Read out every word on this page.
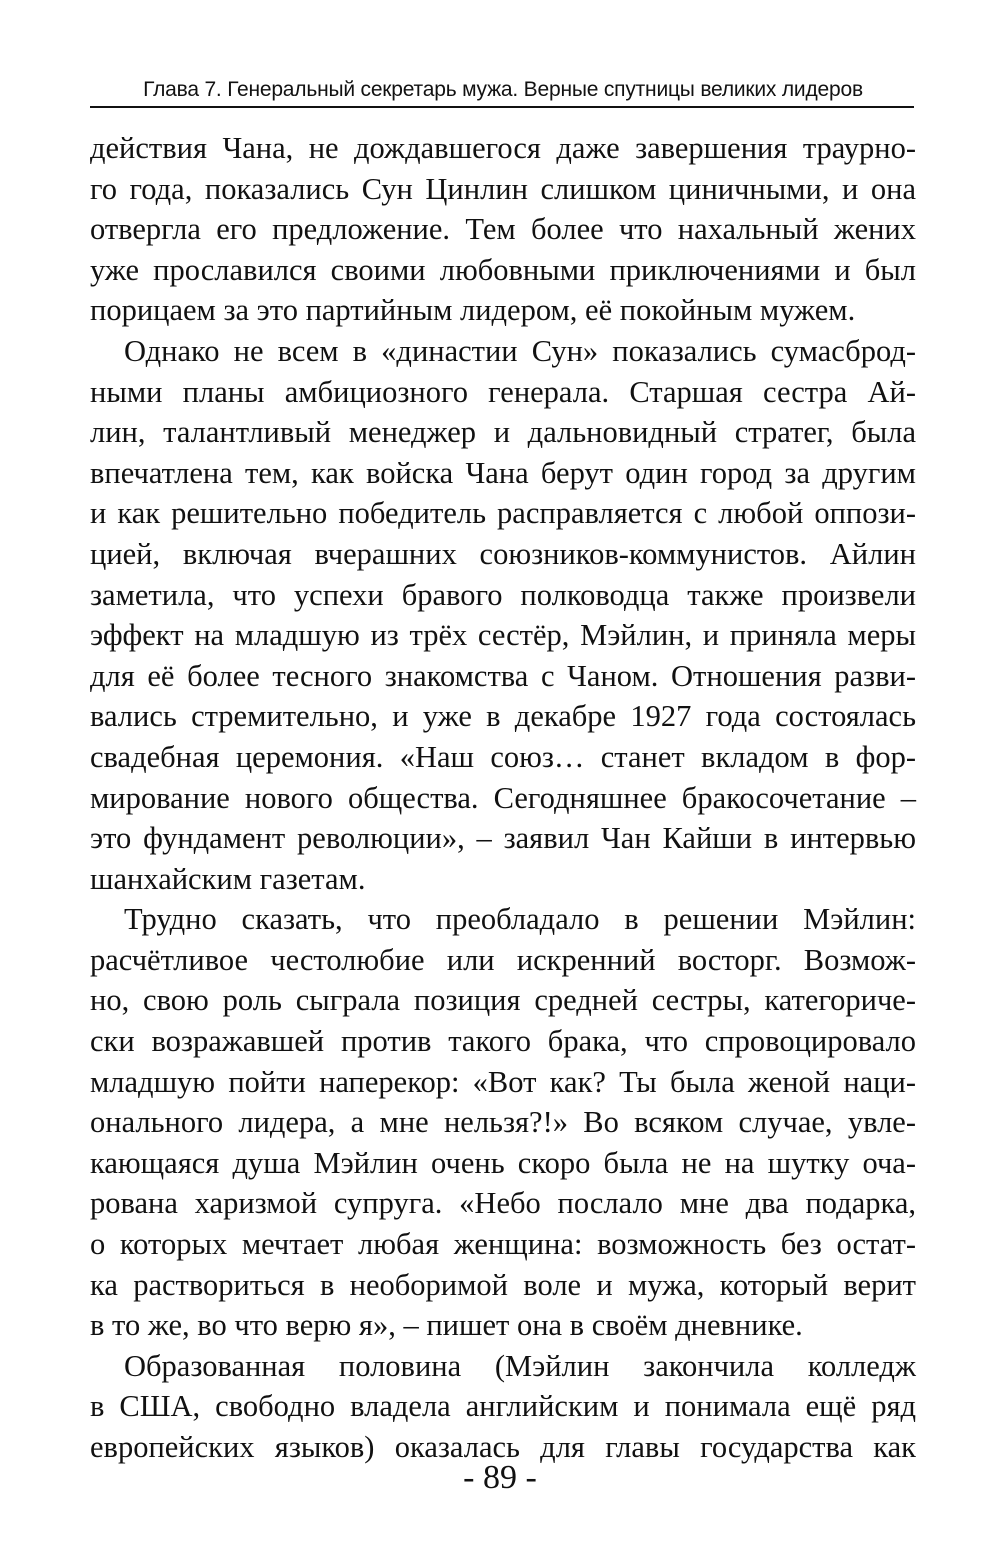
Глава 7. Генеральный секретарь мужа. Верные спутницы великих лидеров
действия Чана, не дождавшегося даже завершения траурно-
го года, показались Сун Цинлин слишком циничными, и она
отвергла его предложение. Тем более что нахальный жених
уже прославился своими любовными приключениями и был
порицаем за это партийным лидером, её покойным мужем.
Однако не всем в «династии Сун» показались сумасброд-
ными планы амбициозного генерала. Старшая сестра Ай-
лин, талантливый менеджер и дальновидный стратег, была
впечатлена тем, как войска Чана берут один город за другим
и как решительно победитель расправляется с любой оппози-
цией, включая вчерашних союзников-коммунистов. Айлин
заметила, что успехи бравого полководца также произвели
эффект на младшую из трёх сестёр, Мэйлин, и приняла меры
для её более тесного знакомства с Чаном. Отношения разви-
вались стремительно, и уже в декабре 1927 года состоялась
свадебная церемония. «Наш союз… станет вкладом в фор-
мирование нового общества. Сегодняшнее бракосочетание –
это фундамент революции», – заявил Чан Кайши в интервью
шанхайским газетам.
Трудно сказать, что преобладало в решении Мэйлин:
расчётливое честолюбие или искренний восторг. Возмож-
но, свою роль сыграла позиция средней сестры, категориче-
ски возражавшей против такого брака, что спровоцировало
младшую пойти наперекор: «Вот как? Ты была женой наци-
онального лидера, а мне нельзя?!» Во всяком случае, увле-
кающаяся душа Мэйлин очень скоро была не на шутку оча-
рована харизмой супруга. «Небо послало мне два подарка,
о которых мечтает любая женщина: возможность без остат-
ка раствориться в необоримой воле и мужа, который верит
в то же, во что верю я», – пишет она в своём дневнике.
Образованная половина (Мэйлин закончила колледж
в США, свободно владела английским и понимала ещё ряд
европейских языков) оказалась для главы государства как
- 89 -
